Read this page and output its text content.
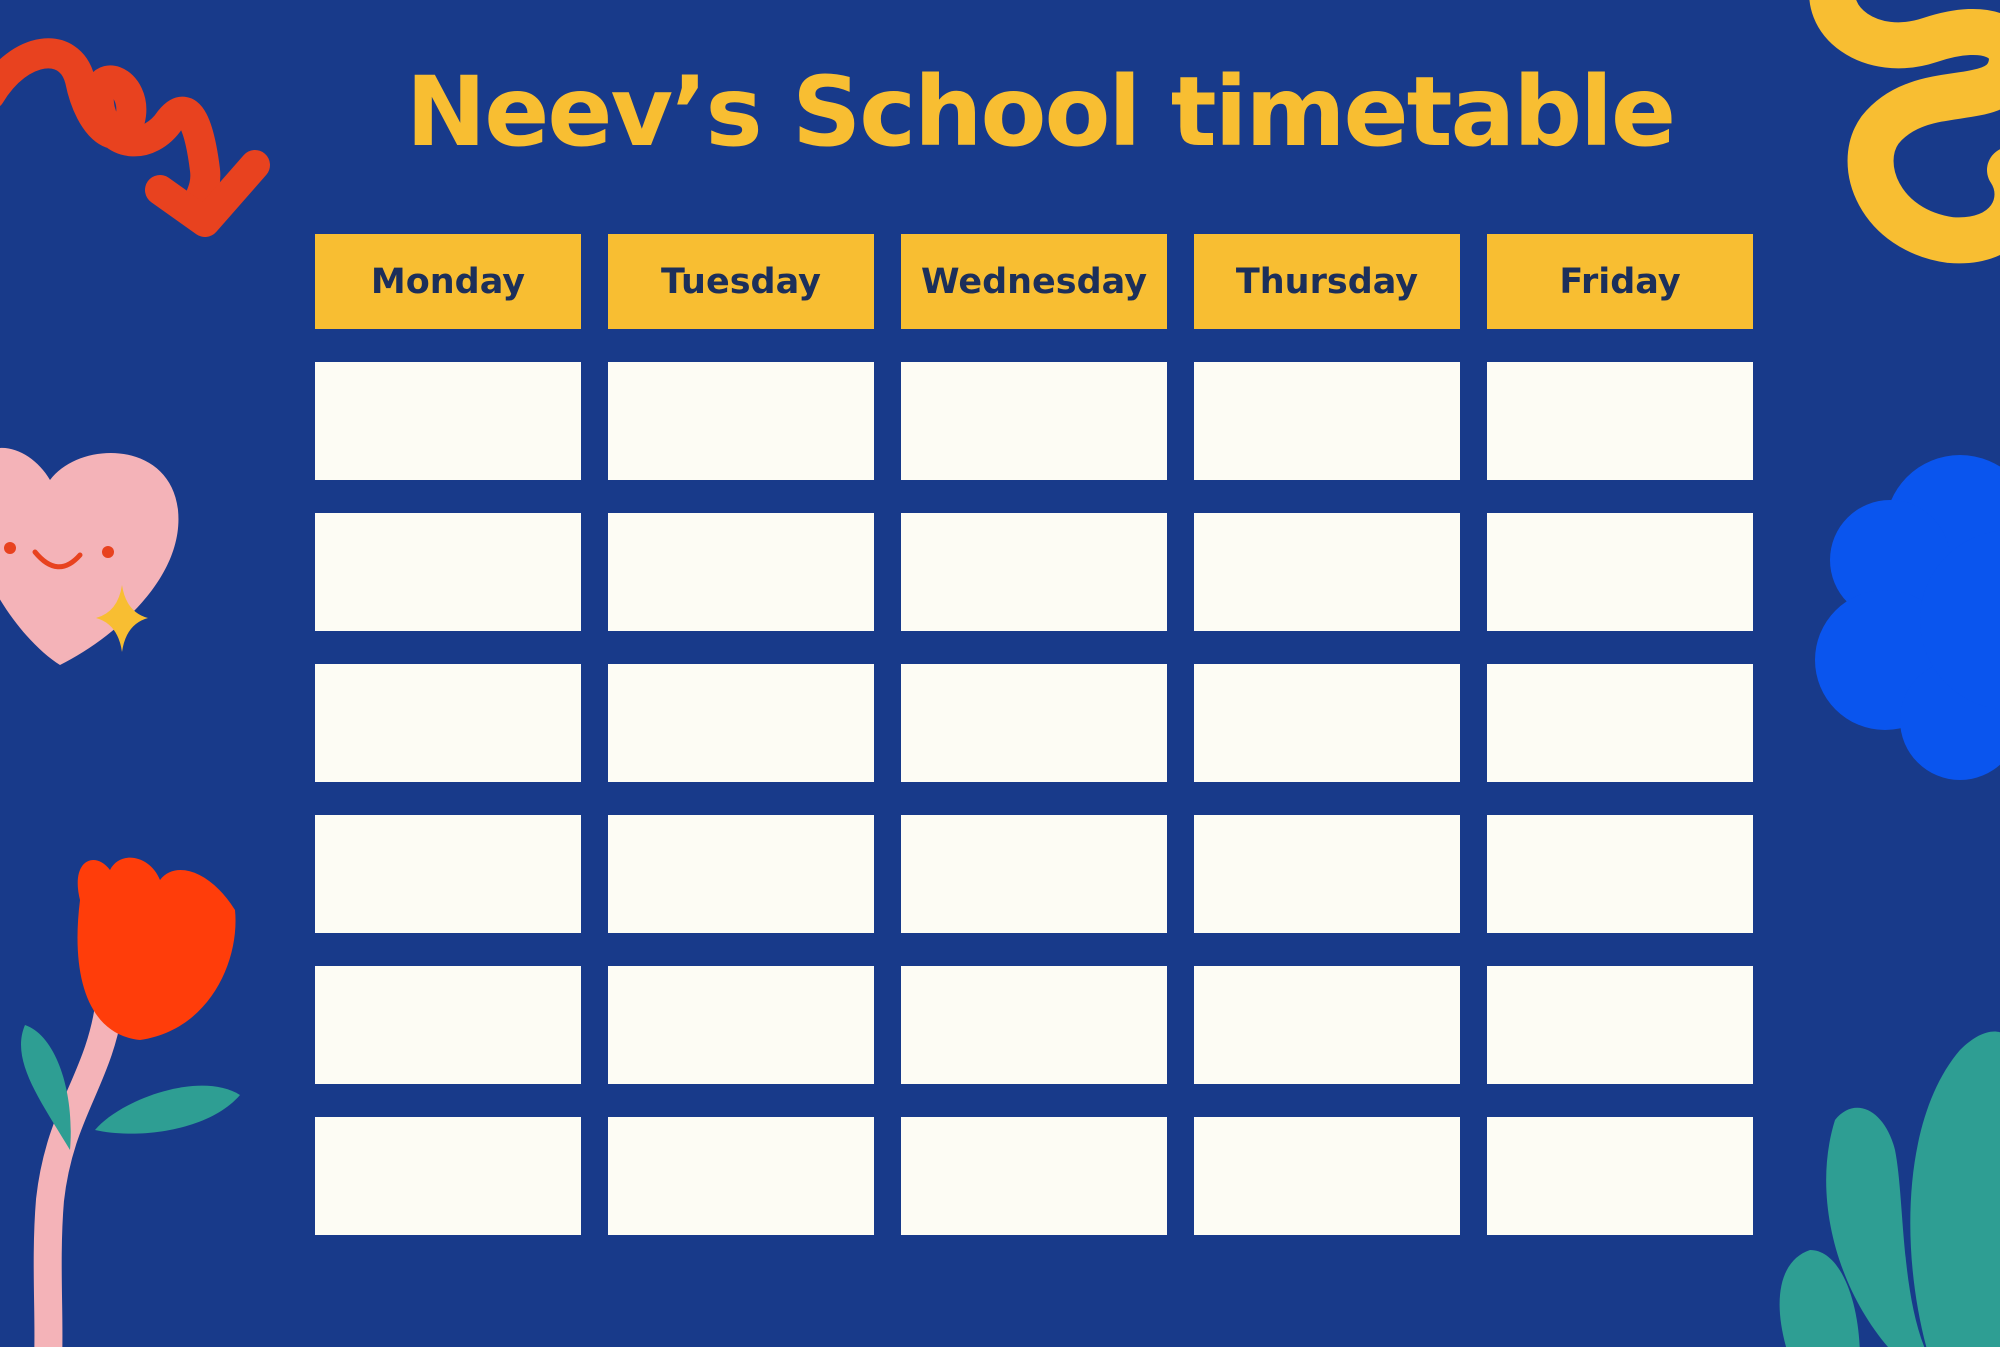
Neev’s School timetable
Monday	Tuesday	Wednesday	Thursday	Friday
